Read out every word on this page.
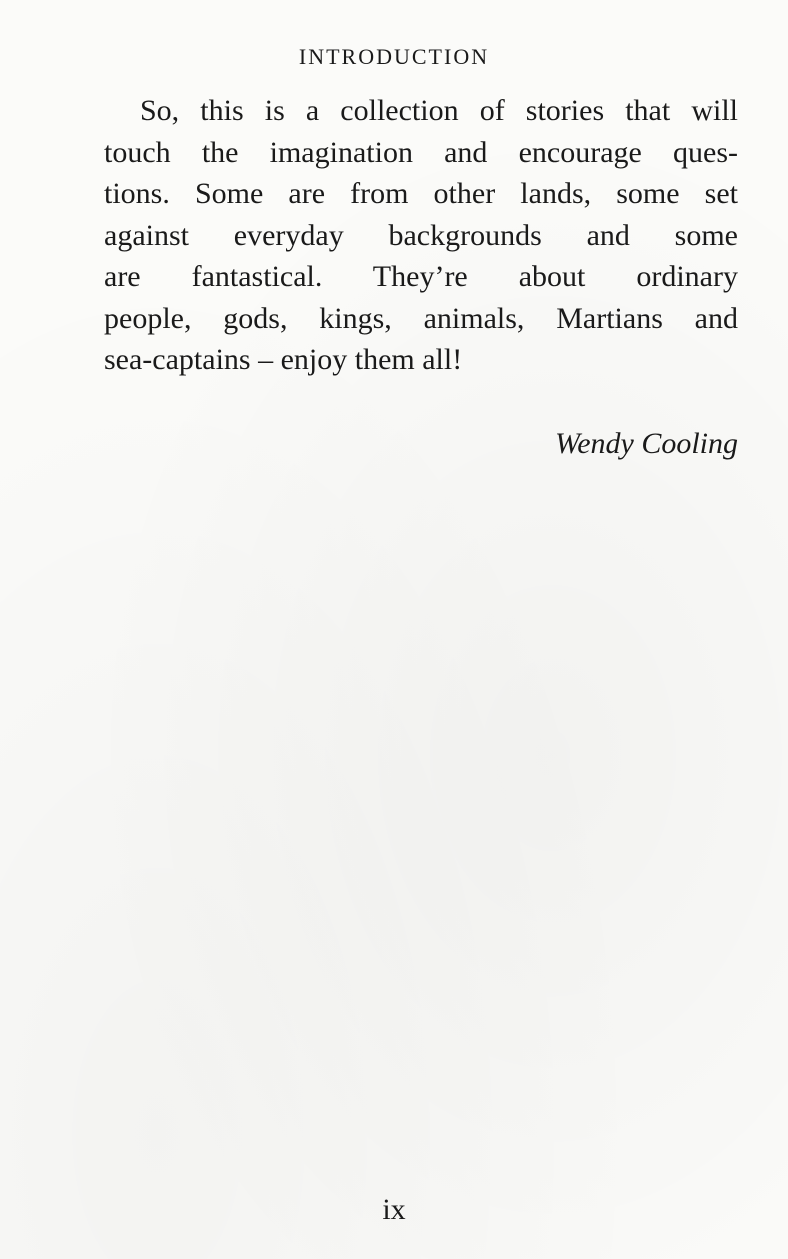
INTRODUCTION
So, this is a collection of stories that will
touch the imagination and encourage ques-
tions. Some are from other lands, some set
against everyday backgrounds and some
are fantastical. They’re about ordinary
people, gods, kings, animals, Martians and
sea-captains – enjoy them all!
Wendy Cooling
ix
